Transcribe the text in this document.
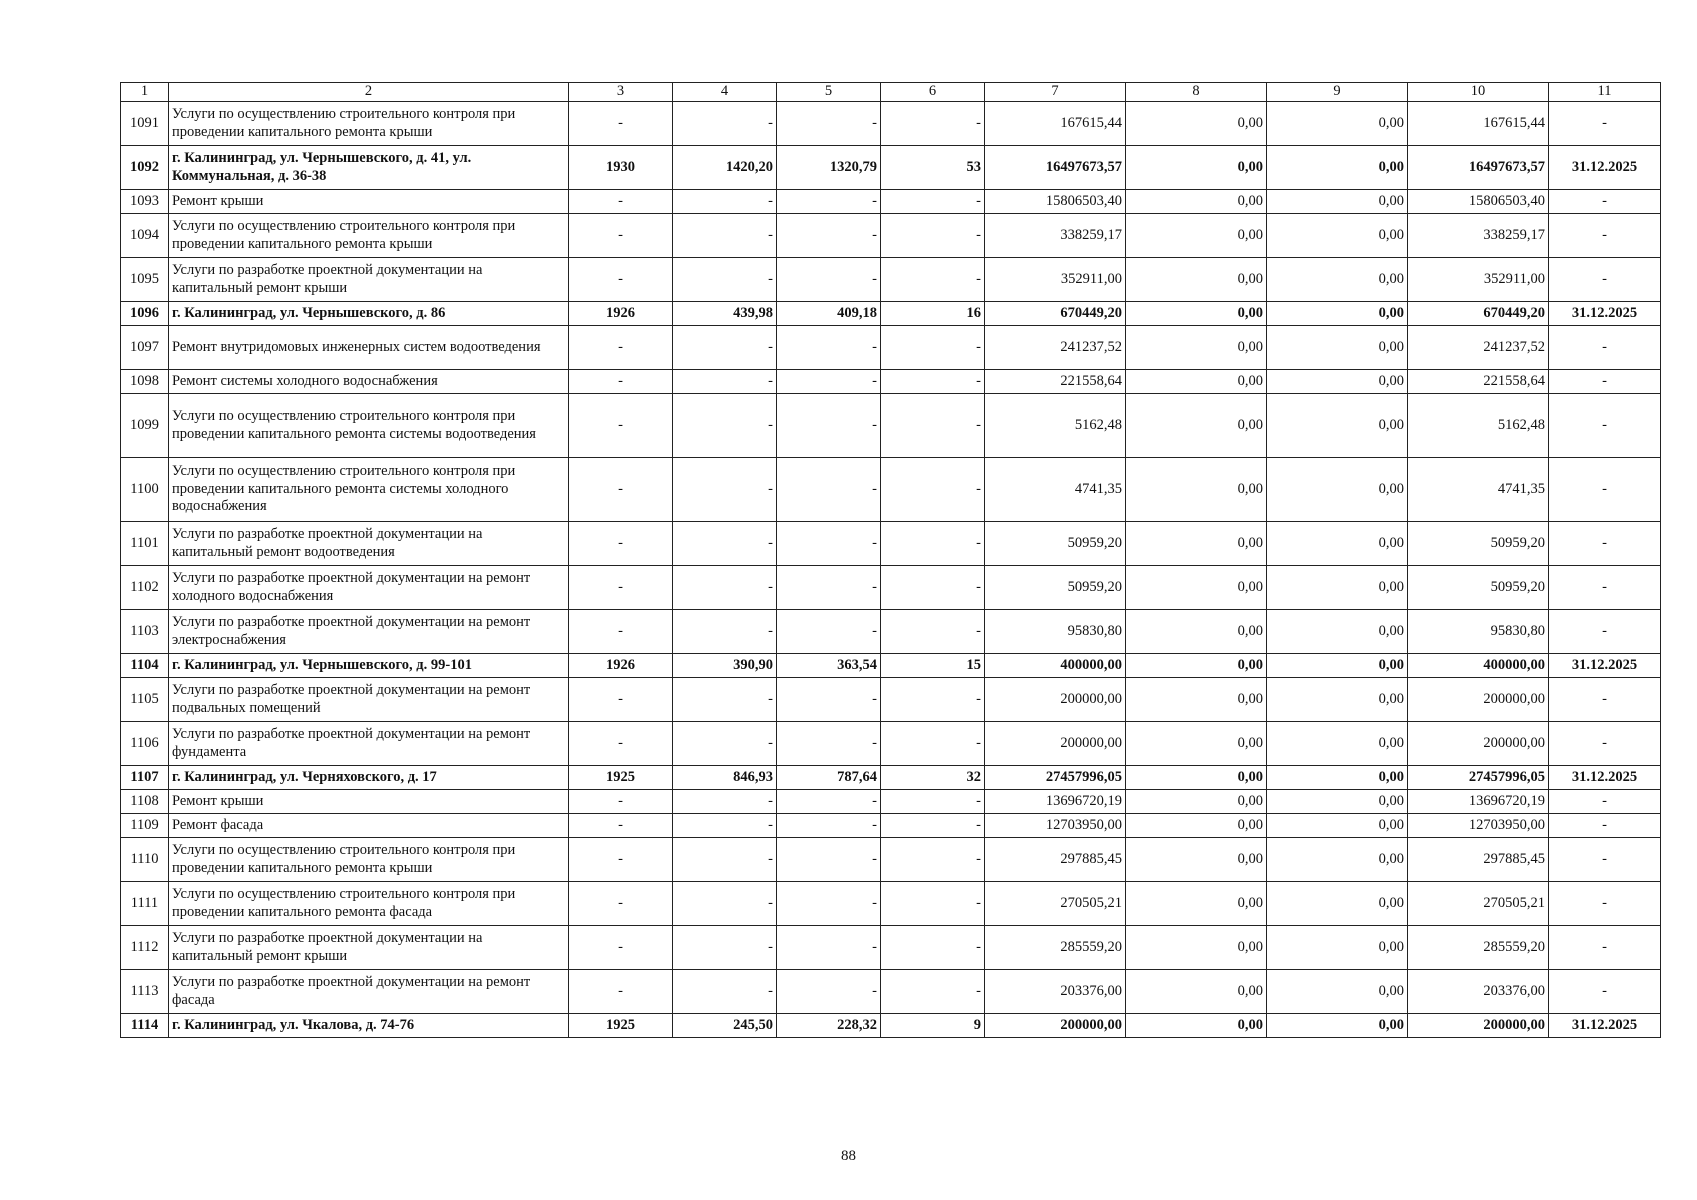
1	2	3	4	5	6	7	8	9	10	11
1091	Услуги по осуществлению строительного контроля при проведении капитального ремонта крыши	-	-	-	-	167615,44	0,00	0,00	167615,44	-
1092	г. Калининград, ул. Чернышевского, д. 41, ул. Коммунальная, д. 36-38	1930	1420,20	1320,79	53	16497673,57	0,00	0,00	16497673,57	31.12.2025
1093	Ремонт крыши	-	-	-	-	15806503,40	0,00	0,00	15806503,40	-
1094	Услуги по осуществлению строительного контроля при проведении капитального ремонта крыши	-	-	-	-	338259,17	0,00	0,00	338259,17	-
1095	Услуги по разработке проектной документации на капитальный ремонт крыши	-	-	-	-	352911,00	0,00	0,00	352911,00	-
1096	г. Калининград, ул. Чернышевского, д. 86	1926	439,98	409,18	16	670449,20	0,00	0,00	670449,20	31.12.2025
1097	Ремонт внутридомовых инженерных систем водоотведения	-	-	-	-	241237,52	0,00	0,00	241237,52	-
1098	Ремонт системы холодного водоснабжения	-	-	-	-	221558,64	0,00	0,00	221558,64	-
1099	Услуги по осуществлению строительного контроля при проведении капитального ремонта системы водоотведения	-	-	-	-	5162,48	0,00	0,00	5162,48	-
1100	Услуги по осуществлению строительного контроля при проведении капитального ремонта системы холодного водоснабжения	-	-	-	-	4741,35	0,00	0,00	4741,35	-
1101	Услуги по разработке проектной документации на капитальный ремонт водоотведения	-	-	-	-	50959,20	0,00	0,00	50959,20	-
1102	Услуги по разработке проектной документации на ремонт холодного водоснабжения	-	-	-	-	50959,20	0,00	0,00	50959,20	-
1103	Услуги по разработке проектной документации на ремонт электроснабжения	-	-	-	-	95830,80	0,00	0,00	95830,80	-
1104	г. Калининград, ул. Чернышевского, д. 99-101	1926	390,90	363,54	15	400000,00	0,00	0,00	400000,00	31.12.2025
1105	Услуги по разработке проектной документации на ремонт подвальных помещений	-	-	-	-	200000,00	0,00	0,00	200000,00	-
1106	Услуги по разработке проектной документации на ремонт фундамента	-	-	-	-	200000,00	0,00	0,00	200000,00	-
1107	г. Калининград, ул. Черняховского, д. 17	1925	846,93	787,64	32	27457996,05	0,00	0,00	27457996,05	31.12.2025
1108	Ремонт крыши	-	-	-	-	13696720,19	0,00	0,00	13696720,19	-
1109	Ремонт фасада	-	-	-	-	12703950,00	0,00	0,00	12703950,00	-
1110	Услуги по осуществлению строительного контроля при проведении капитального ремонта крыши	-	-	-	-	297885,45	0,00	0,00	297885,45	-
1111	Услуги по осуществлению строительного контроля при проведении капитального ремонта фасада	-	-	-	-	270505,21	0,00	0,00	270505,21	-
1112	Услуги по разработке проектной документации на капитальный ремонт крыши	-	-	-	-	285559,20	0,00	0,00	285559,20	-
1113	Услуги по разработке проектной документации на ремонт фасада	-	-	-	-	203376,00	0,00	0,00	203376,00	-
1114	г. Калининград, ул. Чкалова, д. 74-76	1925	245,50	228,32	9	200000,00	0,00	0,00	200000,00	31.12.2025
88
